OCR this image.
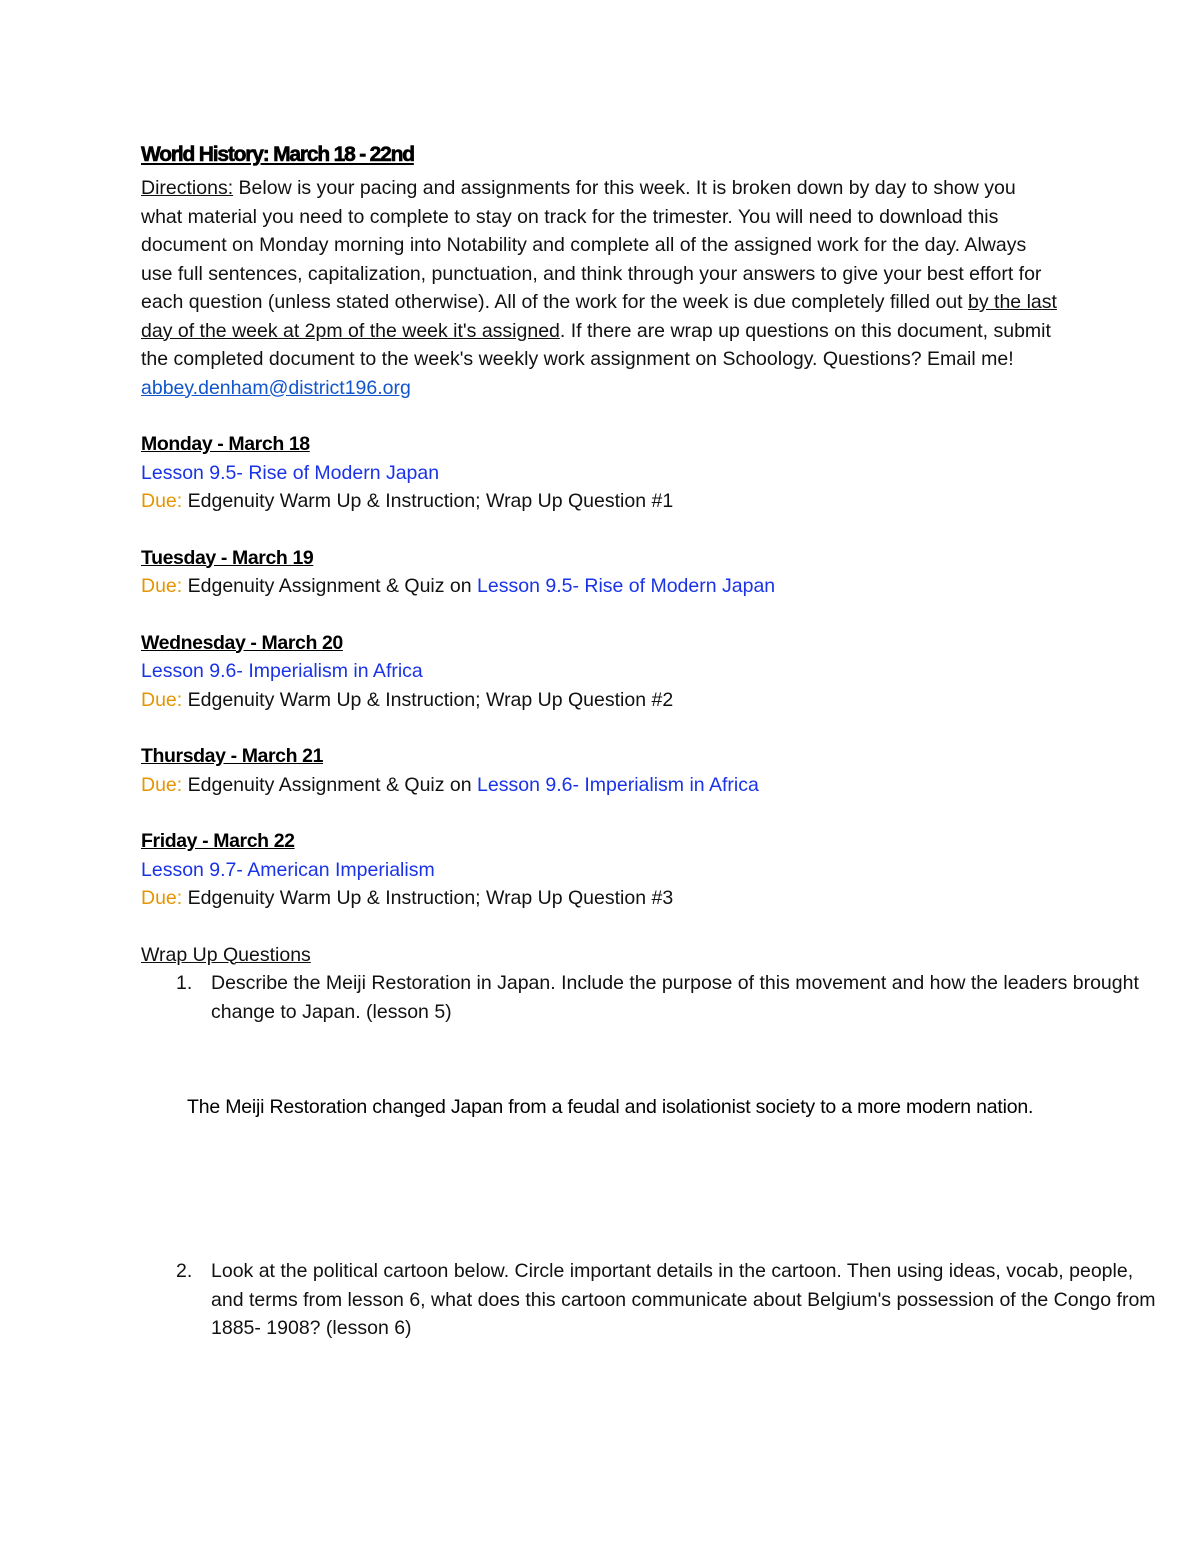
World History: March 18 - 22nd
Directions: Below is your pacing and assignments for this week. It is broken down by day to show you what material you need to complete to stay on track for the trimester. You will need to download this document on Monday morning into Notability and complete all of the assigned work for the day. Always use full sentences, capitalization, punctuation, and think through your answers to give your best effort for each question (unless stated otherwise). All of the work for the week is due completely filled out by the last day of the week at 2pm of the week it's assigned. If there are wrap up questions on this document, submit the completed document to the week's weekly work assignment on Schoology. Questions? Email me!
abbey.denham@district196.org
Monday - March 18
Lesson 9.5- Rise of Modern Japan
Due: Edgenuity Warm Up & Instruction; Wrap Up Question #1
Tuesday - March 19
Due: Edgenuity Assignment & Quiz on Lesson 9.5- Rise of Modern Japan
Wednesday - March 20
Lesson 9.6- Imperialism in Africa
Due: Edgenuity Warm Up & Instruction; Wrap Up Question #2
Thursday - March 21
Due: Edgenuity Assignment & Quiz on Lesson 9.6- Imperialism in Africa
Friday - March 22
Lesson 9.7- American Imperialism
Due: Edgenuity Warm Up & Instruction; Wrap Up Question #3
Wrap Up Questions
1. Describe the Meiji Restoration in Japan. Include the purpose of this movement and how the leaders brought change to Japan. (lesson 5)
The Meiji Restoration changed Japan from a feudal and isolationist society to a more modern nation.
2. Look at the political cartoon below. Circle important details in the cartoon. Then using ideas, vocab, people, and terms from lesson 6, what does this cartoon communicate about Belgium's possession of the Congo from 1885- 1908? (lesson 6)
